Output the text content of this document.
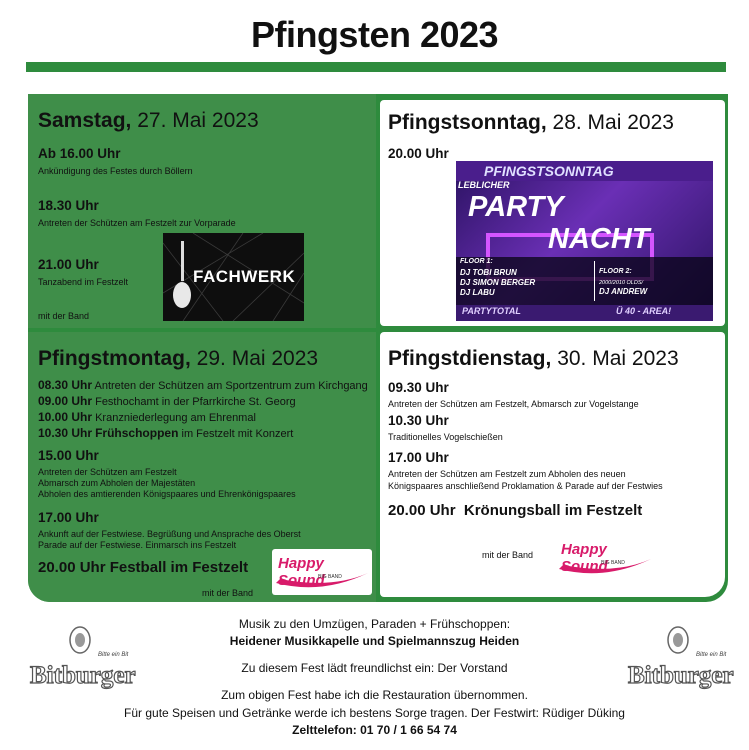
Pfingsten 2023
Samstag, 27. Mai 2023
Ab 16.00 Uhr
Ankündigung des Festes durch Böllern
18.30 Uhr
Antreten der Schützen am Festzelt zur Vorparade
21.00 Uhr
Tanzabend im Festzelt
mit der Band
FACHWERK
Pfingstsonntag, 28. Mai 2023
20.00 Uhr
PFINGSTSONNTAG
LEBLICHER
PARTY
NACHT
FLOOR 1:
DJ TOBI BRUN
DJ SIMON BERGER
DJ LABU
FLOOR 2:
2000/2010 OLDS/
DJ ANDREW
PARTYTOTAL	Ü 40 - AREA!
Pfingstmontag, 29. Mai 2023
08.30 Uhr Antreten der Schützen am Sportzentrum zum Kirchgang
09.00 Uhr Festhochamt in der Pfarrkirche St. Georg
10.00 Uhr Kranzniederlegung am Ehrenmal
10.30 Uhr Frühschoppen im Festzelt mit Konzert
15.00 Uhr
Antreten der Schützen am Festzelt
Abmarsch zum Abholen der Majestäten
Abholen des amtierenden Königspaares und Ehrenkönigspaares
17.00 Uhr
Ankunft auf der Festwiese. Begrüßung und Ansprache des Oberst
Parade auf der Festwiese. Einmarsch ins Festzelt
20.00 Uhr Festball im Festzelt
mit der Band
Happy Sound
BIG BAND
Pfingstdienstag, 30. Mai 2023
09.30 Uhr
Antreten der Schützen am Festzelt, Abmarsch zur Vogelstange
10.30 Uhr
Traditionelles Vogelschießen
17.00 Uhr
Antreten der Schützen am Festzelt zum Abholen des neuen
Königspaares anschließend Proklamation & Parade auf der Festwies
20.00 Uhr Krönungsball im Festzelt
mit der Band Happy Sound
BIG BAND
Musik zu den Umzügen, Paraden + Frühschoppen:
Heidener Musikkapelle und Spielmannszug Heiden
Zu diesem Fest lädt freundlichst ein: Der Vorstand
Zum obigen Fest habe ich die Restauration übernommen.
Für gute Speisen und Getränke werde ich bestens Sorge tragen. Der Festwirt: Rüdiger Düking
Zelttelefon: 01 70 / 1 66 54 74
Bitte ein Bit
Bitburger
Bitte ein Bit
Bitburger
